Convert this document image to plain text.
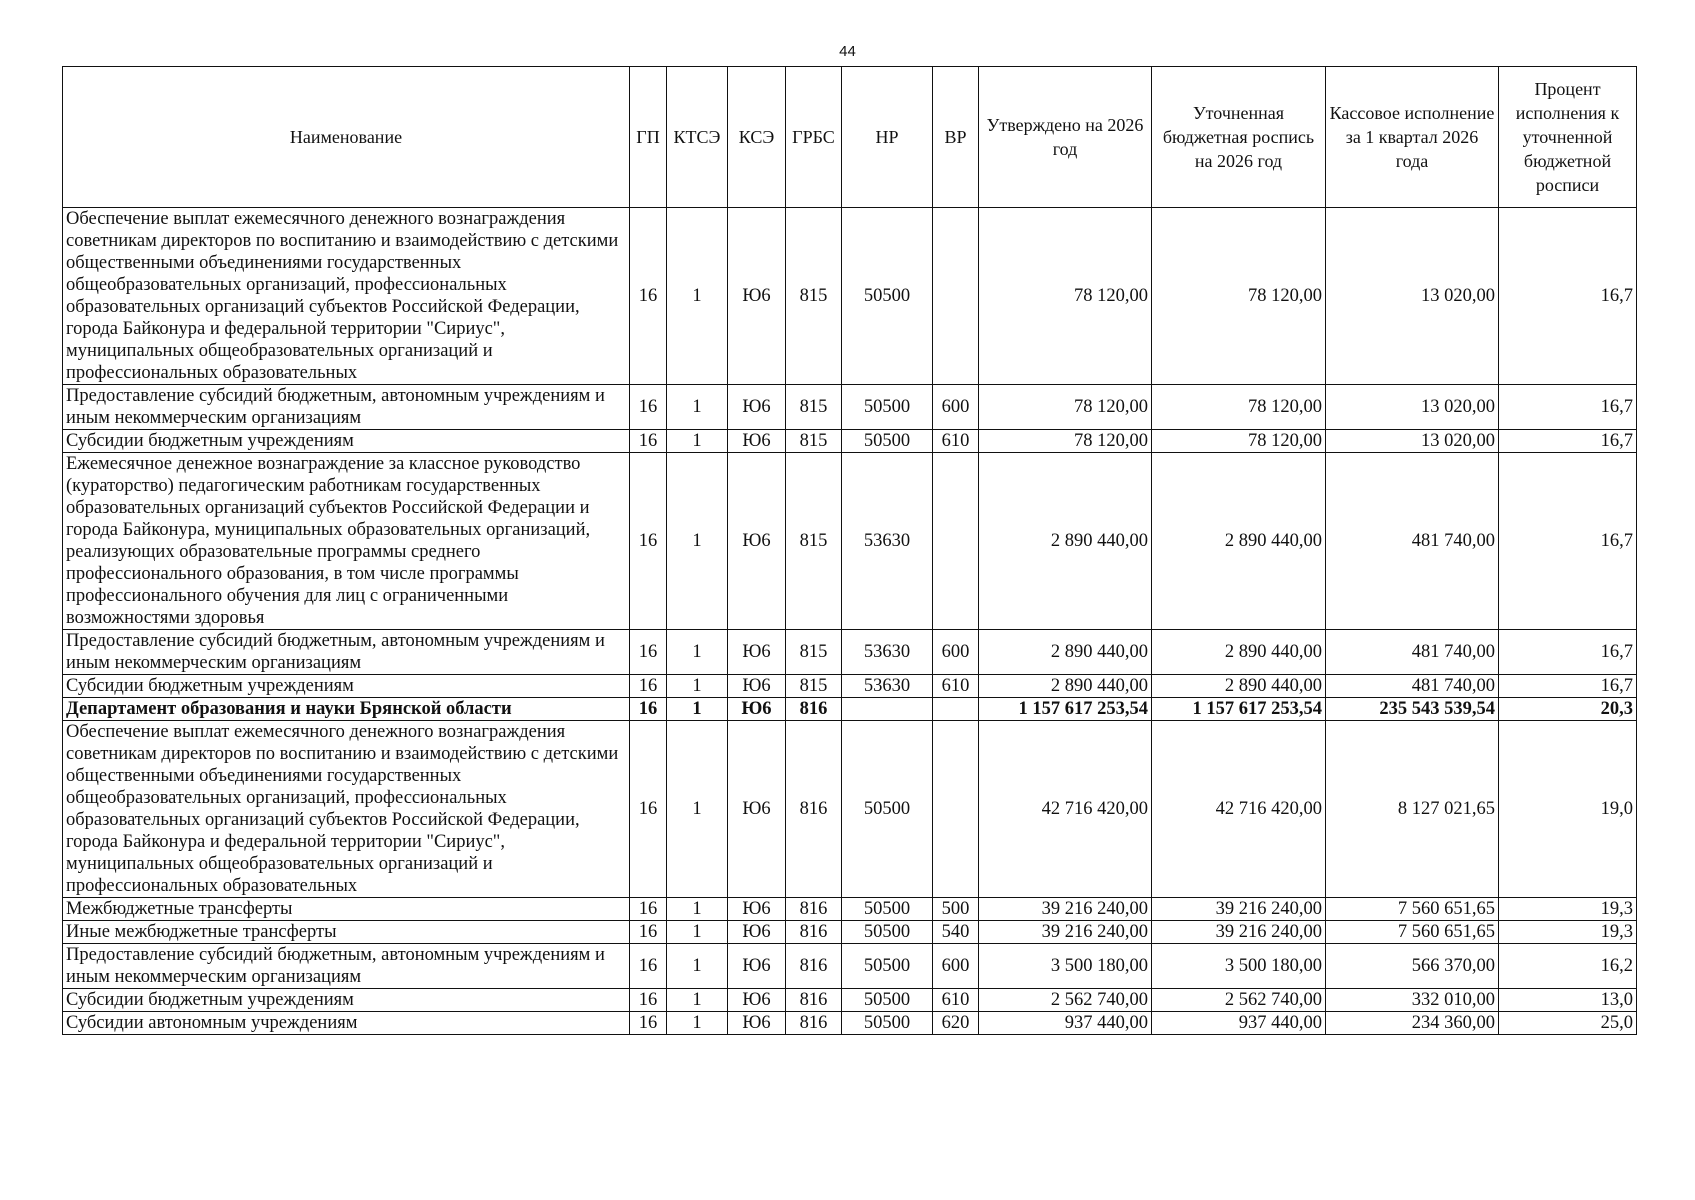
44
Наименование	ГП	КТСЭ	КСЭ	ГРБС	НР	ВР	Утверждено на 2026 год	Уточненная бюджетная роспись на 2026 год	Кассовое исполнение за 1 квартал 2026 года	Процент исполнения к уточненной бюджетной росписи
Обеспечение выплат ежемесячного денежного вознаграждения советникам директоров по воспитанию и взаимодействию с детскими общественными объединениями государственных общеобразовательных организаций, профессиональных образовательных организаций субъектов Российской Федерации, города Байконура и федеральной территории "Сириус", муниципальных общеобразовательных организаций и профессиональных образовательных	16	1	Ю6	815	50500		78 120,00	78 120,00	13 020,00	16,7
Предоставление субсидий бюджетным, автономным учреждениям и иным некоммерческим организациям	16	1	Ю6	815	50500	600	78 120,00	78 120,00	13 020,00	16,7
Субсидии бюджетным учреждениям	16	1	Ю6	815	50500	610	78 120,00	78 120,00	13 020,00	16,7
Ежемесячное денежное вознаграждение за классное руководство (кураторство) педагогическим работникам государственных образовательных организаций субъектов Российской Федерации и города Байконура, муниципальных образовательных организаций, реализующих образовательные программы среднего профессионального образования, в том числе программы профессионального обучения для лиц с ограниченными возможностями здоровья	16	1	Ю6	815	53630		2 890 440,00	2 890 440,00	481 740,00	16,7
Предоставление субсидий бюджетным, автономным учреждениям и иным некоммерческим организациям	16	1	Ю6	815	53630	600	2 890 440,00	2 890 440,00	481 740,00	16,7
Субсидии бюджетным учреждениям	16	1	Ю6	815	53630	610	2 890 440,00	2 890 440,00	481 740,00	16,7
Департамент образования и науки Брянской области	16	1	Ю6	816			1 157 617 253,54	1 157 617 253,54	235 543 539,54	20,3
Обеспечение выплат ежемесячного денежного вознаграждения советникам директоров по воспитанию и взаимодействию с детскими общественными объединениями государственных общеобразовательных организаций, профессиональных образовательных организаций субъектов Российской Федерации, города Байконура и федеральной территории "Сириус", муниципальных общеобразовательных организаций и профессиональных образовательных	16	1	Ю6	816	50500		42 716 420,00	42 716 420,00	8 127 021,65	19,0
Межбюджетные трансферты	16	1	Ю6	816	50500	500	39 216 240,00	39 216 240,00	7 560 651,65	19,3
Иные межбюджетные трансферты	16	1	Ю6	816	50500	540	39 216 240,00	39 216 240,00	7 560 651,65	19,3
Предоставление субсидий бюджетным, автономным учреждениям и иным некоммерческим организациям	16	1	Ю6	816	50500	600	3 500 180,00	3 500 180,00	566 370,00	16,2
Субсидии бюджетным учреждениям	16	1	Ю6	816	50500	610	2 562 740,00	2 562 740,00	332 010,00	13,0
Субсидии автономным учреждениям	16	1	Ю6	816	50500	620	937 440,00	937 440,00	234 360,00	25,0
